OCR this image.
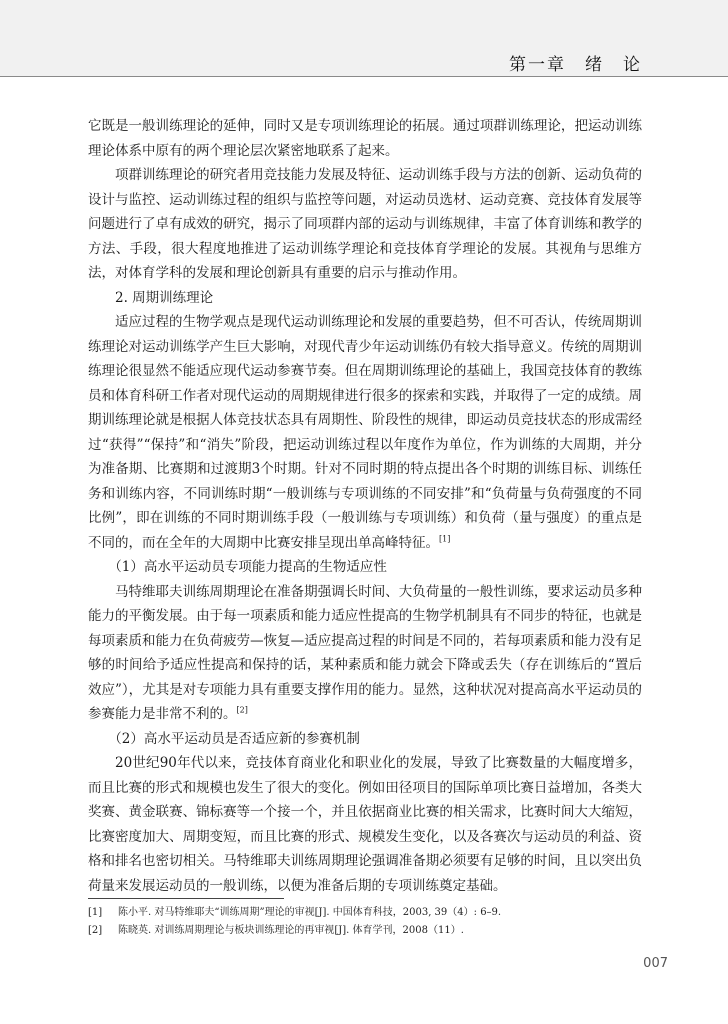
第一章　绪　论

它既是一般训练理论的延伸，同时又是专项训练理论的拓展。通过项群训练理论，把运动训练理论体系中原有的两个理论层次紧密地联系了起来。

项群训练理论的研究者用竞技能力发展及特征、运动训练手段与方法的创新、运动负荷的设计与监控、运动训练过程的组织与监控等问题，对运动员选材、运动竞赛、竞技体育发展等问题进行了卓有成效的研究，揭示了同项群内部的运动与训练规律，丰富了体育训练和教学的方法、手段，很大程度地推进了运动训练学理论和竞技体育学理论的发展。其视角与思维方法，对体育学科的发展和理论创新具有重要的启示与推动作用。

2. 周期训练理论

适应过程的生物学观点是现代运动训练理论和发展的重要趋势，但不可否认，传统周期训练理论对运动训练学产生巨大影响，对现代青少年运动训练仍有较大指导意义。传统的周期训练理论很显然不能适应现代运动参赛节奏。但在周期训练理论的基础上，我国竞技体育的教练员和体育科研工作者对现代运动的周期规律进行很多的探索和实践，并取得了一定的成绩。周期训练理论就是根据人体竞技状态具有周期性、阶段性的规律，即运动员竞技状态的形成需经过“获得”“保持”和“消失”阶段，把运动训练过程以年度作为单位，作为训练的大周期，并分为准备期、比赛期和过渡期3个时期。针对不同时期的特点提出各个时期的训练目标、训练任务和训练内容，不同训练时期“一般训练与专项训练的不同安排”和“负荷量与负荷强度的不同比例”，即在训练的不同时期训练手段（一般训练与专项训练）和负荷（量与强度）的重点是不同的，而在全年的大周期中比赛安排呈现出单高峰特征。[1]

（1）高水平运动员专项能力提高的生物适应性

马特维耶夫训练周期理论在准备期强调长时间、大负荷量的一般性训练，要求运动员多种能力的平衡发展。由于每一项素质和能力适应性提高的生物学机制具有不同步的特征，也就是每项素质和能力在负荷疲劳—恢复—适应提高过程的时间是不同的，若每项素质和能力没有足够的时间给予适应性提高和保持的话，某种素质和能力就会下降或丢失（存在训练后的“置后效应”），尤其是对专项能力具有重要支撑作用的能力。显然，这种状况对提高高水平运动员的参赛能力是非常不利的。[2]

（2）高水平运动员是否适应新的参赛机制

20世纪90年代以来，竞技体育商业化和职业化的发展，导致了比赛数量的大幅度增多，而且比赛的形式和规模也发生了很大的变化。例如田径项目的国际单项比赛日益增加，各类大奖赛、黄金联赛、锦标赛等一个接一个，并且依据商业比赛的相关需求，比赛时间大大缩短，比赛密度加大、周期变短，而且比赛的形式、规模发生变化，以及各赛次与运动员的利益、资格和排名也密切相关。马特维耶夫训练周期理论强调准备期必须要有足够的时间，且以突出负荷量来发展运动员的一般训练，以便为准备后期的专项训练奠定基础。

[1] 陈小平. 对马特维耶夫“训练周期”理论的审视[J]. 中国体育科技，2003, 39（4）: 6–9.
[2] 陈晓英. 对训练周期理论与板块训练理论的再审视[J]. 体育学刊，2008（11）.
007
